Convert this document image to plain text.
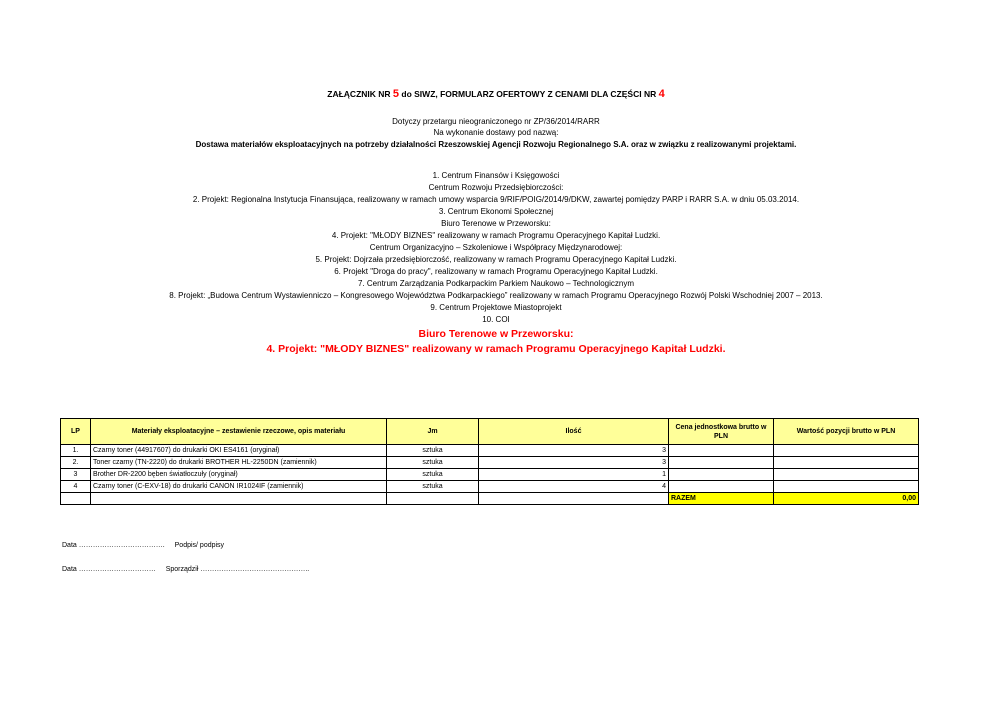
ZAŁĄCZNIK NR 5 do SIWZ, FORMULARZ OFERTOWY Z CENAMI DLA CZĘŚCI NR 4
Dotyczy przetargu nieograniczonego nr ZP/36/2014/RARR
Na wykonanie dostawy pod nazwą:
Dostawa materiałów eksploatacyjnych na potrzeby działalności Rzeszowskiej Agencji Rozwoju Regionalnego S.A. oraz w związku z realizowanymi projektami.
1. Centrum Finansów i Księgowości
Centrum Rozwoju Przedsiębiorczości:
2. Projekt: Regionalna Instytucja Finansująca, realizowany w ramach umowy wsparcia 9/RIF/POIG/2014/9/DKW, zawartej pomiędzy PARP i RARR S.A. w dniu 05.03.2014.
3. Centrum Ekonomi Społecznej
Biuro Terenowe w Przeworsku:
4. Projekt: "MŁODY BIZNES" realizowany w ramach Programu Operacyjnego Kapitał Ludzki.
Centrum Organizacyjno – Szkoleniowe i Współpracy Międzynarodowej:
5. Projekt: Dojrzała przedsiębiorczość, realizowany w ramach Programu Operacyjnego Kapitał Ludzki.
6. Projekt "Droga do pracy", realizowany w ramach Programu Operacyjnego Kapitał Ludzki.
7. Centrum Zarządzania Podkarpackim Parkiem Naukowo – Technologicznym
8. Projekt: „Budowa Centrum Wystawienniczo – Kongresowego Województwa Podkarpackiego” realizowany w ramach Programu Operacyjnego Rozwój Polski Wschodniej 2007 – 2013.
9. Centrum Projektowe Miastoprojekt
10. COI
Biuro Terenowe w Przeworsku:
4. Projekt: "MŁODY BIZNES" realizowany w ramach Programu Operacyjnego Kapitał Ludzki.
LP	Materiały eksploatacyjne – zestawienie rzeczowe, opis materiału	Jm	Ilość	Cena jednostkowa brutto w PLN	Wartość pozycji brutto w PLN
1.	Czarny toner (44917607) do drukarki OKI ES4161 (oryginał)	sztuka	3		
2.	Toner czarny (TN-2220) do drukarki BROTHER HL-2250DN (zamiennik)	sztuka	3		
3	Brother DR-2200 bęben światłoczuły (oryginał)	sztuka	1		
4	Czarny toner (C-EXV-18) do drukarki CANON IR1024IF (zamiennik)	sztuka	4		
				RAZEM	0,00
Data ………………………………. Podpis/ podpisy
Data …………………………… Sporządził ………………………………………..
